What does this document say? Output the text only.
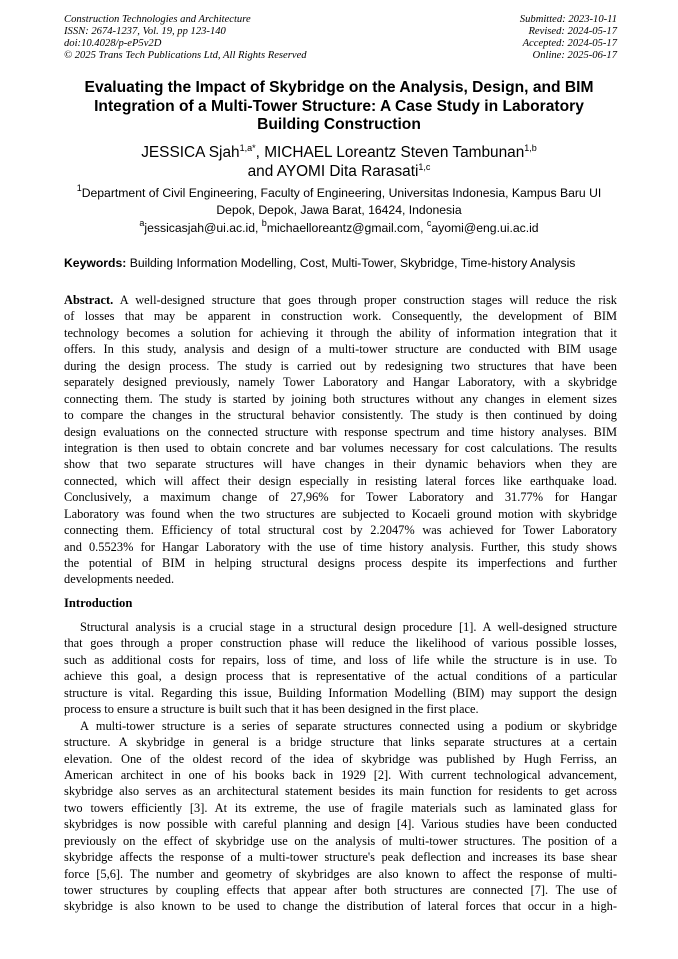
Construction Technologies and Architecture
ISSN: 2674-1237, Vol. 19, pp 123-140
doi:10.4028/p-eP5v2D
© 2025 Trans Tech Publications Ltd, All Rights Reserved
Submitted: 2023-10-11
Revised: 2024-05-17
Accepted: 2024-05-17
Online: 2025-06-17
Evaluating the Impact of Skybridge on the Analysis, Design, and BIM
Integration of a Multi-Tower Structure: A Case Study in Laboratory
Building Construction
JESSICA Sjah$^{1,a*}$, MICHAEL Loreantz Steven Tambunan$^{1,b}$
and AYOMI Dita Rarasati$^{1,c}$
$^1$Department of Civil Engineering, Faculty of Engineering, Universitas Indonesia, Kampus Baru UI
Depok, Depok, Jawa Barat, 16424, Indonesia
$^a$jessicasjah@ui.ac.id, $^b$michaelloreantz@gmail.com, $^c$ayomi@eng.ui.ac.id
Keywords: Building Information Modelling, Cost, Multi-Tower, Skybridge, Time-history Analysis
Abstract. A well-designed structure that goes through proper construction stages will reduce the risk
of losses that may be apparent in construction work. Consequently, the development of BIM
technology becomes a solution for achieving it through the ability of information integration that it
offers. In this study, analysis and design of a multi-tower structure are conducted with BIM usage
during the design process. The study is carried out by redesigning two structures that have been
separately designed previously, namely Tower Laboratory and Hangar Laboratory, with a skybridge
connecting them. The study is started by joining both structures without any changes in element sizes
to compare the changes in the structural behavior consistently. The study is then continued by doing
design evaluations on the connected structure with response spectrum and time history analyses. BIM
integration is then used to obtain concrete and bar volumes necessary for cost calculations. The results
show that two separate structures will have changes in their dynamic behaviors when they are
connected, which will affect their design especially in resisting lateral forces like earthquake load.
Conclusively, a maximum change of 27,96% for Tower Laboratory and 31.77% for Hangar
Laboratory was found when the two structures are subjected to Kocaeli ground motion with skybridge
connecting them. Efficiency of total structural cost by 2.2047% was achieved for Tower Laboratory
and 0.5523% for Hangar Laboratory with the use of time history analysis. Further, this study shows
the potential of BIM in helping structural designs process despite its imperfections and further
developments needed.
Introduction
Structural analysis is a crucial stage in a structural design procedure [1]. A well-designed structure
that goes through a proper construction phase will reduce the likelihood of various possible losses,
such as additional costs for repairs, loss of time, and loss of life while the structure is in use. To
achieve this goal, a design process that is representative of the actual conditions of a particular
structure is vital. Regarding this issue, Building Information Modelling (BIM) may support the design
process to ensure a structure is built such that it has been designed in the first place.
A multi-tower structure is a series of separate structures connected using a podium or skybridge
structure. A skybridge in general is a bridge structure that links separate structures at a certain
elevation. One of the oldest record of the idea of skybridge was published by Hugh Ferriss, an
American architect in one of his books back in 1929 [2]. With current technological advancement,
skybridge also serves as an architectural statement besides its main function for residents to get across
two towers efficiently [3]. At its extreme, the use of fragile materials such as laminated glass for
skybridges is now possible with careful planning and design [4]. Various studies have been conducted
previously on the effect of skybridge use on the analysis of multi-tower structures. The position of a
skybridge affects the response of a multi-tower structure's peak deflection and increases its base shear
force [5,6]. The number and geometry of skybridges are also known to affect the response of multi-
tower structures by coupling effects that appear after both structures are connected [7]. The use of
skybridge is also known to be used to change the distribution of lateral forces that occur in a high-
